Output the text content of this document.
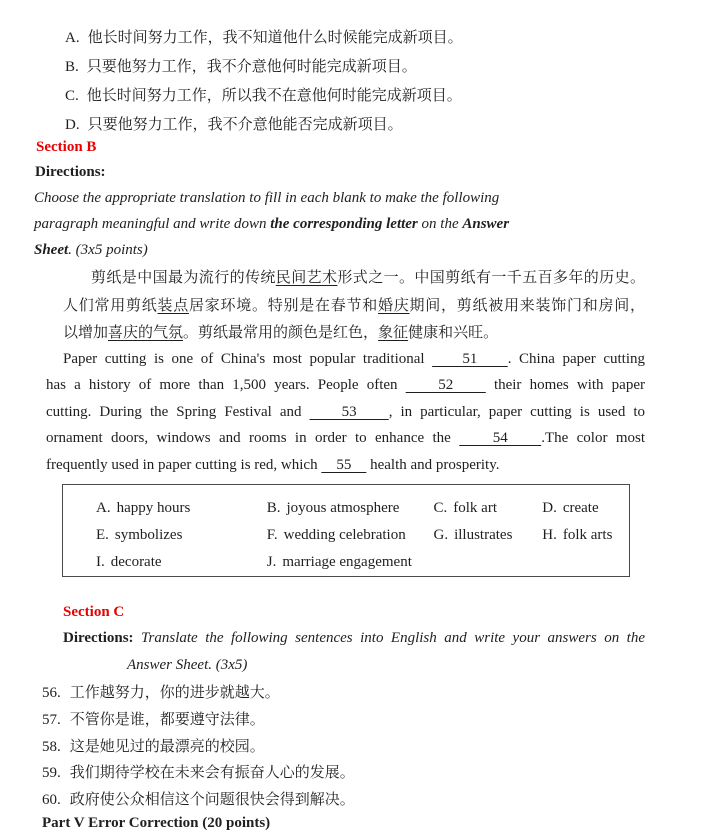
A. 他长时间努力工作，我不知道他什么时候能完成新项目。
B. 只要他努力工作，我不介意他何时能完成新项目。
C. 他长时间努力工作，所以我不在意他何时能完成新项目。
D. 只要他努力工作，我不介意他能否完成新项目。
Section B
Directions:
Choose the appropriate translation to fill in each blank to make the following
paragraph meaningful and write down the corresponding letter on the Answer
Sheet. (3x5 points)
剪纸是中国最为流行的传统民间艺术形式之一。中国剪纸有一千五百多年的历史。
人们常用剪纸装点居家环境。特别是在春节和婚庆期间，剪纸被用来装饰门和房间，
以增加喜庆的气氛。剪纸最常用的颜色是红色，象征健康和兴旺。
Paper cutting is one of China's most popular traditional     51    . China paper cutting
has a history of more than 1,500 years. People often     52     their homes with paper
cutting. During the Spring Festival and     53    , in particular, paper cutting is used to
ornament doors, windows and rooms in order to enhance the     54    .The color most
frequently used in paper cutting is red, which     55     health and prosperity.
A. happy hours	B. joyous atmosphere C. folk art	D. create
E. symbolizes	F. wedding celebration G. illustrates H. folk arts
I. decorate	J. marriage engagement
Section C
Directions: Translate the following sentences into English and write your answers on the
Answer Sheet. (3x5)
56. 工作越努力，你的进步就越大。
57. 不管你是谁，都要遵守法律。
58. 这是她见过的最漂亮的校园。
59. 我们期待学校在未来会有振奋人心的发展。
60. 政府使公众相信这个问题很快会得到解决。
Part V Error Correction (20 points)
